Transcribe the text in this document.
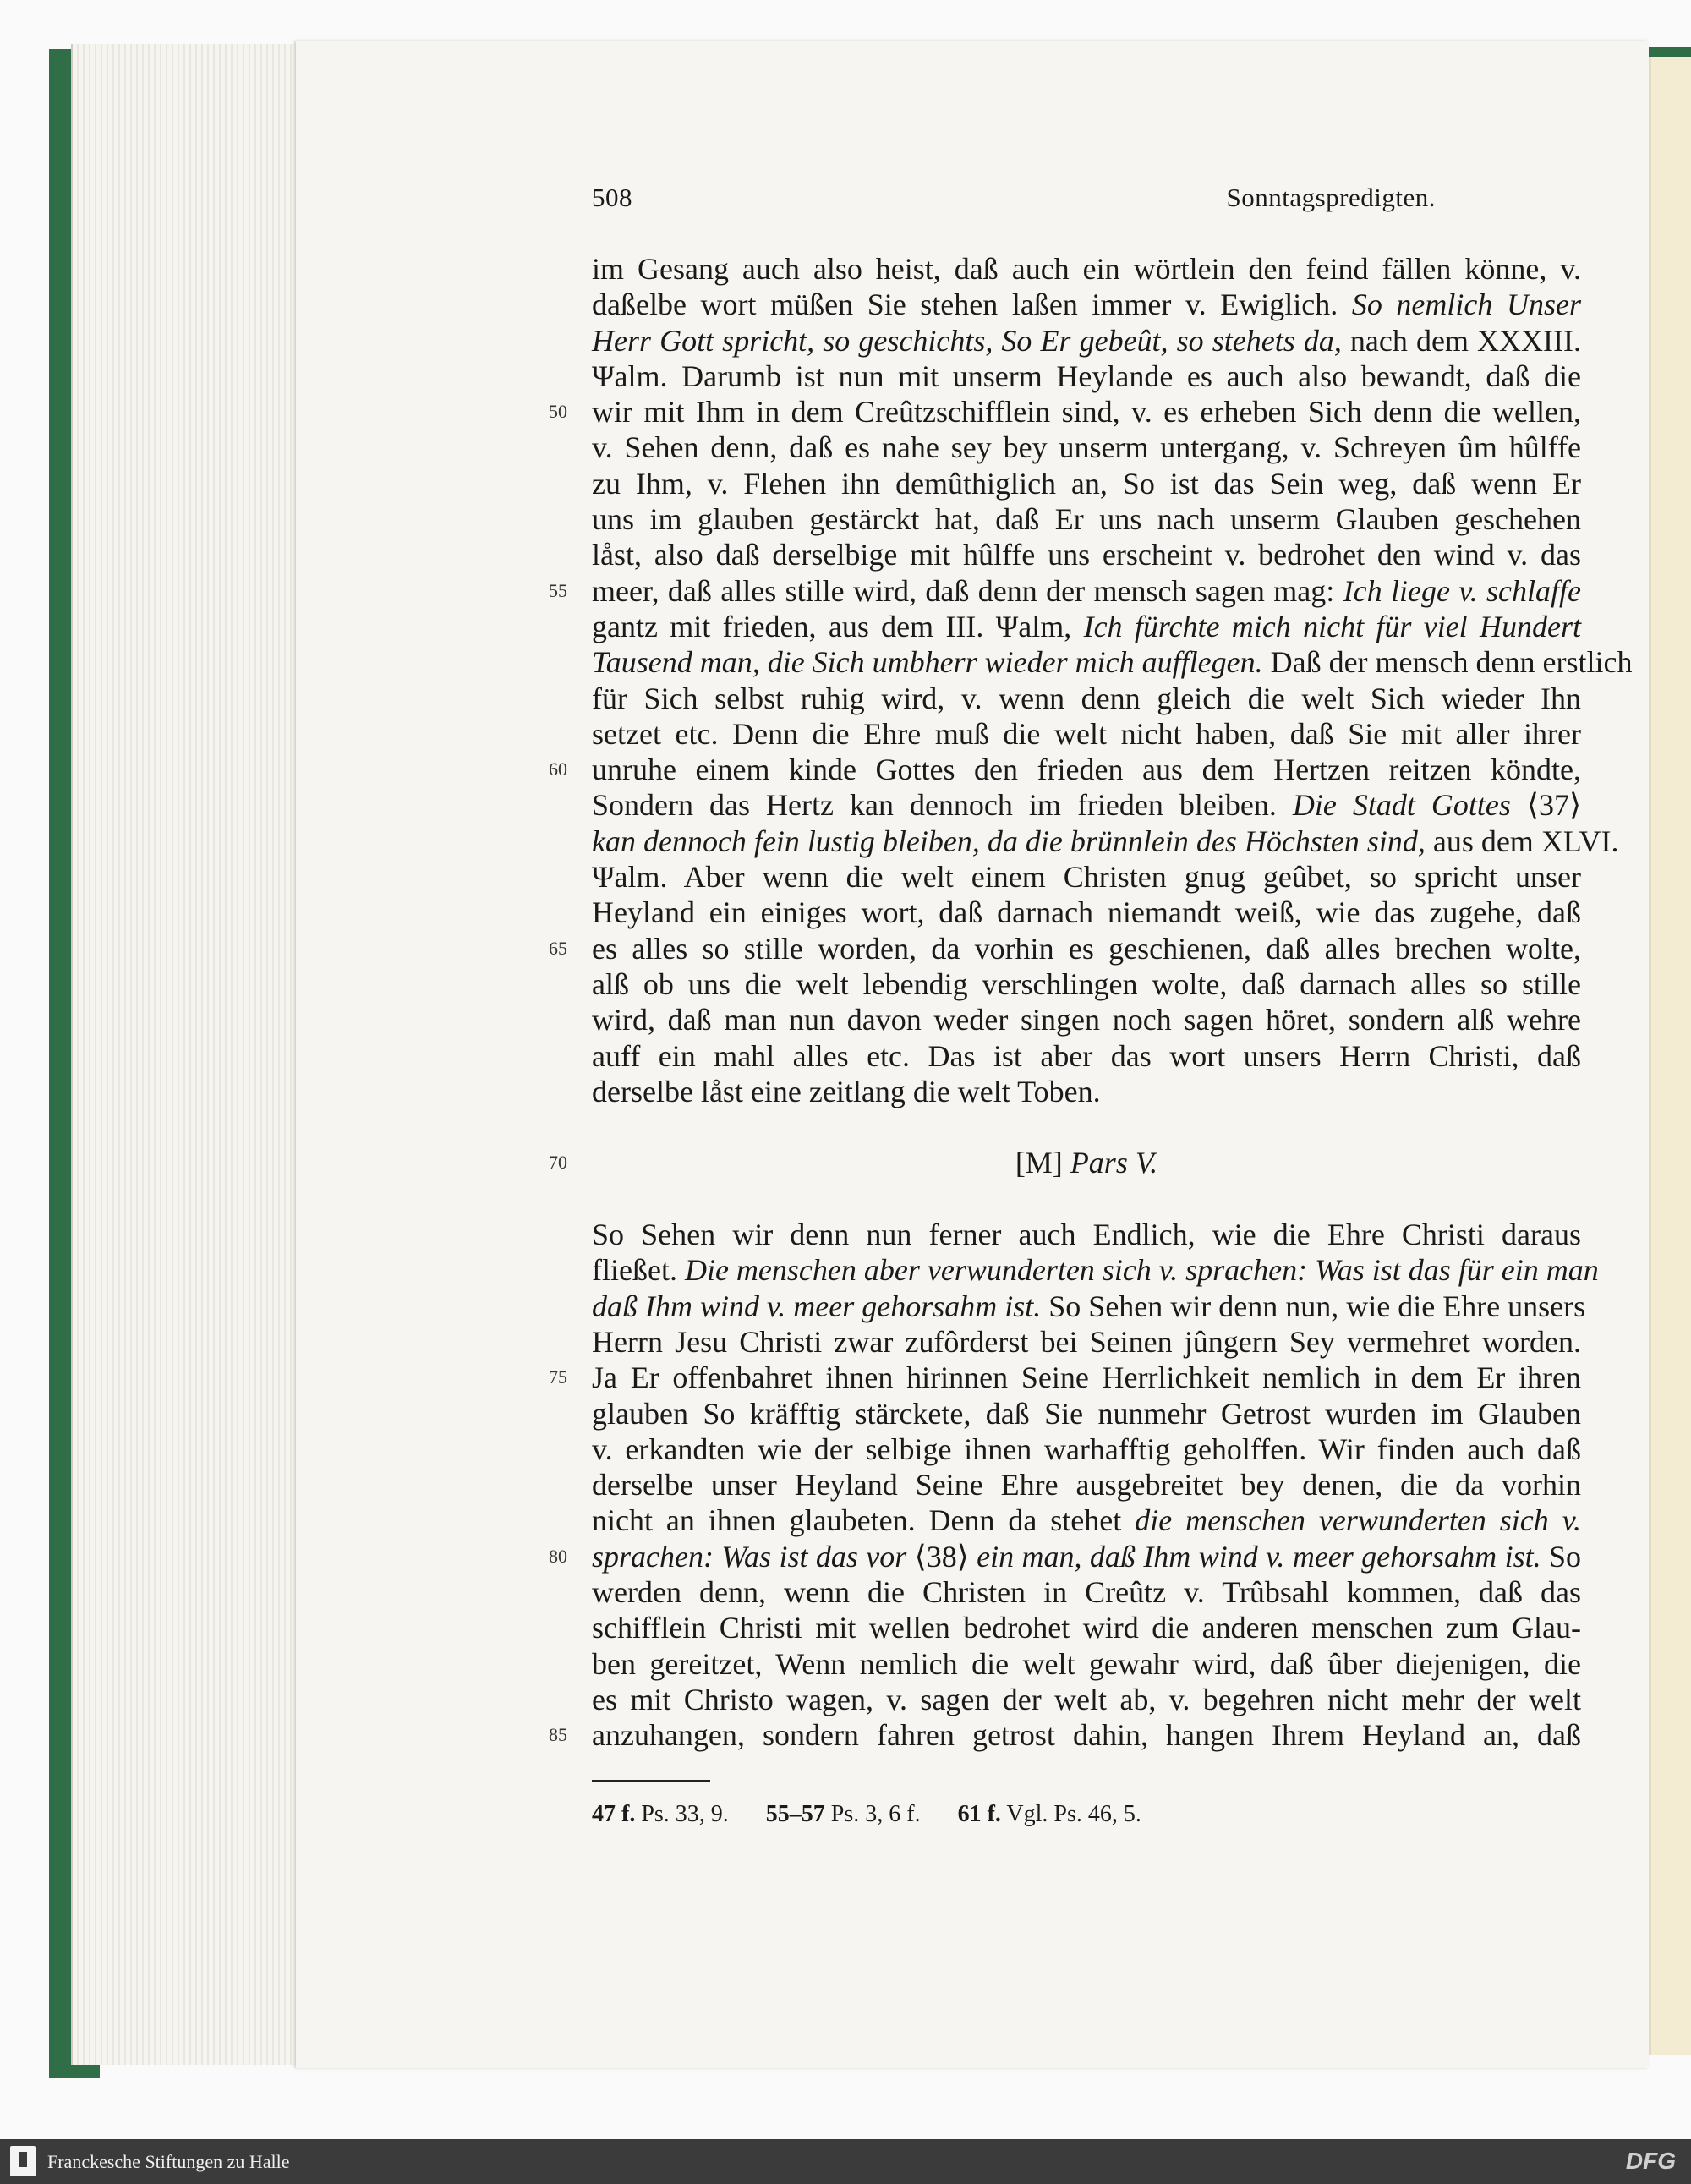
508	Sonntagspredigten.
im Gesang auch also heist, daß auch ein wörtlein den feind fällen könne, v.
daßelbe wort müßen Sie stehen laßen immer v. Ewiglich. So nemlich Unser
Herr Gott spricht, so geschichts, So Er gebeût, so stehets da, nach dem XXXIII.
Ψalm. Darumb ist nun mit unserm Heylande es auch also bewandt, daß die
50 wir mit Ihm in dem Creûtzschifflein sind, v. es erheben Sich denn die wellen,
v. Sehen denn, daß es nahe sey bey unserm untergang, v. Schreyen ûm hûlffe
zu Ihm, v. Flehen ihn demûthiglich an, So ist das Sein weg, daß wenn Er
uns im glauben gestärckt hat, daß Er uns nach unserm Glauben geschehen
låst, also daß derselbige mit hûlffe uns erscheint v. bedrohet den wind v. das
55 meer, daß alles stille wird, daß denn der mensch sagen mag: Ich liege v. schlaffe
gantz mit frieden, aus dem III. Ψalm, Ich fürchte mich nicht für viel Hundert
Tausend man, die Sich umbherr wieder mich aufflegen. Daß der mensch denn erstlich
für Sich selbst ruhig wird, v. wenn denn gleich die welt Sich wieder Ihn
setzet etc. Denn die Ehre muß die welt nicht haben, daß Sie mit aller ihrer
60 unruhe einem kinde Gottes den frieden aus dem Hertzen reitzen köndte,
Sondern das Hertz kan dennoch im frieden bleiben. Die Stadt Gottes ⟨37⟩
kan dennoch fein lustig bleiben, da die brünnlein des Höchsten sind, aus dem XLVI.
Ψalm. Aber wenn die welt einem Christen gnug geûbet, so spricht unser
Heyland ein einiges wort, daß darnach niemandt weiß, wie das zugehe, daß
65 es alles so stille worden, da vorhin es geschienen, daß alles brechen wolte,
alß ob uns die welt lebendig verschlingen wolte, daß darnach alles so stille
wird, daß man nun davon weder singen noch sagen höret, sondern alß wehre
auff ein mahl alles etc. Das ist aber das wort unsers Herrn Christi, daß
derselbe låst eine zeitlang die welt Toben.
70	[M] Pars V.
So Sehen wir denn nun ferner auch Endlich, wie die Ehre Christi daraus
fließet. Die menschen aber verwunderten sich v. sprachen: Was ist das für ein man
daß Ihm wind v. meer gehorsahm ist. So Sehen wir denn nun, wie die Ehre unsers
Herrn Jesu Christi zwar zufôrderst bei Seinen jûngern Sey vermehret worden.
75 Ja Er offenbahret ihnen hirinnen Seine Herrlichkeit nemlich in dem Er ihren
glauben So kräfftig stärckete, daß Sie nunmehr Getrost wurden im Glauben
v. erkandten wie der selbige ihnen warhafftig geholffen. Wir finden auch daß
derselbe unser Heyland Seine Ehre ausgebreitet bey denen, die da vorhin
nicht an ihnen glaubeten. Denn da stehet die menschen verwunderten sich v.
80 sprachen: Was ist das vor ⟨38⟩ ein man, daß Ihm wind v. meer gehorsahm ist. So
werden denn, wenn die Christen in Creûtz v. Trûbsahl kommen, daß das
schifflein Christi mit wellen bedrohet wird die anderen menschen zum Glau-
ben gereitzet, Wenn nemlich die welt gewahr wird, daß ûber diejenigen, die
es mit Christo wagen, v. sagen der welt ab, v. begehren nicht mehr der welt
85 anzuhangen, sondern fahren getrost dahin, hangen Ihrem Heyland an, daß
47 f. Ps. 33, 9. 55–57 Ps. 3, 6 f. 61 f. Vgl. Ps. 46, 5.
Franckesche Stiftungen zu Halle	DFG
